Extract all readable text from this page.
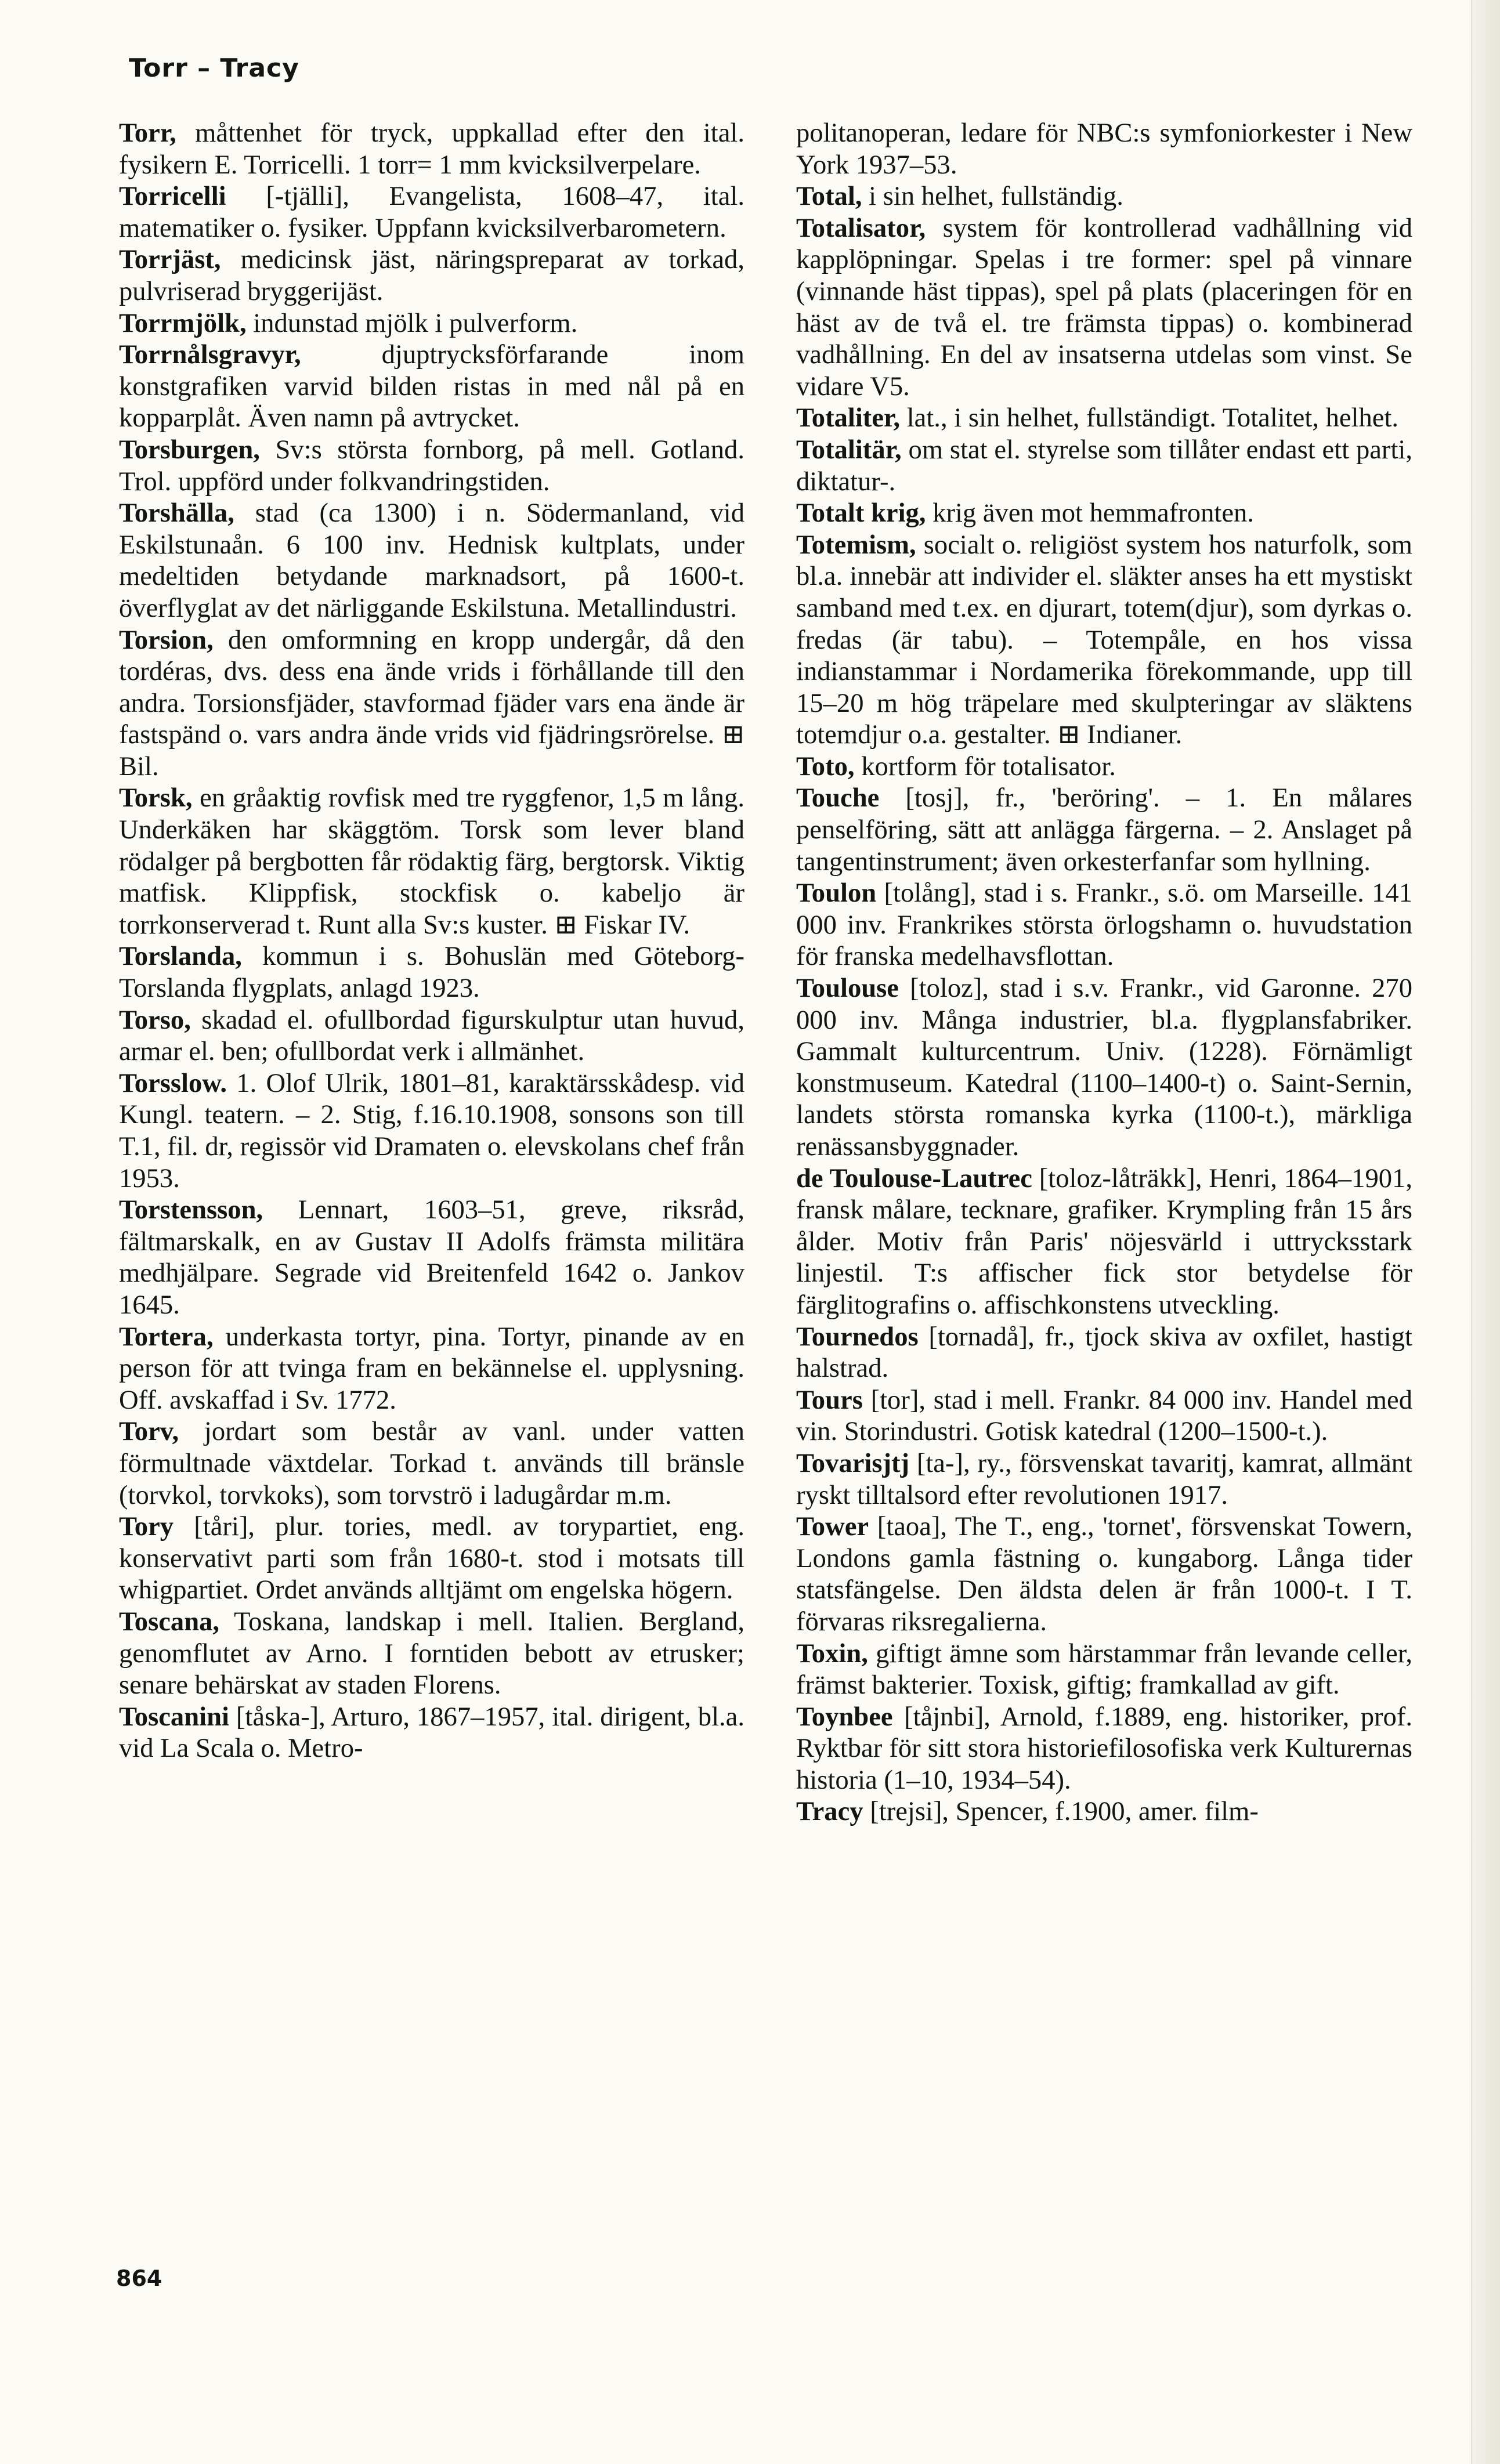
Torr – Tracy

Torr, måttenhet för tryck, uppkallad efter den ital. fysikern E. Torricelli. 1 torr= 1 mm kvicksilverpelare.

Torricelli [-tjälli], Evangelista, 1608–47, ital. matematiker o. fysiker. Uppfann kvicksilverbarometern.

Torrjäst, medicinsk jäst, näringspreparat av torkad, pulvriserad bryggerijäst.

Torrmjölk, indunstad mjölk i pulverform.

Torrnålsgravyr,	djuptrycksförfarande inom konstgrafiken varvid bilden ristas in med nål på en kopparplåt. Även namn på avtrycket.

Torsburgen, Sv:s största fornborg, på mell. Gotland. Trol. uppförd under folkvandringstiden.

Torshälla, stad (ca 1300) i n. Södermanland, vid Eskilstunaån. 6 100 inv. Hednisk kultplats, under medeltiden betydande marknadsort, på 1600-t. överflyglat av det närliggande Eskilstuna. Metallindustri.

Torsion, den omformning en kropp undergår, då den tordéras, dvs. dess ena ände vrids i förhållande till den andra. Torsionsfjäder, stavformad fjäder vars ena ände är fastspänd o. vars andra ände vrids vid fjädringsrörelse. ⊞ Bil.

Torsk, en gråaktig rovfisk med tre ryggfenor, 1,5 m lång. Underkäken har skäggtöm. Torsk som lever bland rödalger på bergbotten får rödaktig färg, bergtorsk. Viktig matfisk. Klippfisk, stockfisk o. kabeljo är torrkonserverad t. Runt alla Sv:s kuster. ⊞ Fiskar IV.

Torslanda, kommun i s. Bohuslän med Göteborg-Torslanda flygplats, anlagd 1923.

Torso, skadad el. ofullbordad figurskulptur utan huvud, armar el. ben; ofullbordat verk i allmänhet.

Torsslow. 1. Olof Ulrik, 1801–81, karaktärsskådesp. vid Kungl. teatern. – 2. Stig, f.16.10.1908, sonsons son till T.1, fil. dr, regissör vid Dramaten o. elevskolans chef från 1953.

Torstensson, Lennart, 1603–51, greve, riksråd, fältmarskalk, en av Gustav II Adolfs främsta militära medhjälpare. Segrade vid Breitenfeld 1642 o. Jankov 1645.

Tortera, underkasta tortyr, pina. Tortyr, pinande av en person för att tvinga fram en bekännelse el. upplysning. Off. avskaffad i Sv. 1772.

Torv, jordart som består av vanl. under vatten förmultnade växtdelar. Torkad t. används till bränsle (torvkol, torvkoks), som torvströ i ladugårdar m.m.

Tory [tåri], plur. tories, medl. av toryparti​et, eng. konservativt parti som från 1680-t. stod i motsats till whigpartiet. Ordet används alltjämt om engelska högern.

Toscana, Toskana, landskap i mell. Italien. Bergland, genomflutet av Arno. I forntiden bebott av etrusker; senare behärskat av staden Florens.

Toscanini [tåska-], Arturo, 1867–1957, ital. dirigent, bl.a. vid La Scala o. Metro-

politanoperan, ledare för NBC:s symfoniorkester i New York 1937–53.

Total, i sin helhet, fullständig.

Totalisator, system för kontrollerad vadhållning vid kapplöpningar. Spelas i tre former: spel på vinnare (vinnande häst tippas), spel på plats (placeringen för en häst av de två el. tre främsta tippas) o. kombinerad vadhållning. En del av insatserna utdelas som vinst. Se vidare V5.

Totaliter, lat., i sin helhet, fullständigt. Totalitet, helhet.

Totalitär, om stat el. styrelse som tillåter endast ett parti, diktatur-.

Totalt krig, krig även mot hemmafronten.

Totemism, socialt o. religiöst system hos naturfolk, som bl.a. innebär att individer el. släkter anses ha ett mystiskt samband med t.ex. en djurart, totem(djur), som dyrkas o. fredas (är tabu). – Totempåle, en hos vissa indianstammar i Nordamerika förekommande, upp till 15–20 m hög träpelare med skulpteringar av släktens totemdjur o.a. gestalter. ⊞ Indianer.

Toto, kortform för totalisator.

Touche [tosj], fr., 'beröring'. – 1. En målares penselföring, sätt att anlägga färgerna. – 2. Anslaget på tangentinstrument; även orkesterfanfar som hyllning.

Toulon [tolång], stad i s. Frankr., s.ö. om Marseille. 141 000 inv. Frankrikes största örlogshamn o. huvudstation för franska medelhavsflottan.

Toulouse [toloz], stad i s.v. Frankr., vid Garonne. 270 000 inv. Många industrier, bl.a. flygplansfabriker. Gammalt kulturcentrum. Univ. (1228). Förnämligt konstmuseum. Katedral (1100–1400-t) o. Saint-Sernin, landets största romanska kyrka (1100-t.), märkliga renässansbyggnader.

de Toulouse-Lautrec [toloz-låträkk], Henri, 1864–1901, fransk målare, tecknare, grafiker. Krympling från 15 års ålder. Motiv från Paris' nöjesvärld i uttrycksstark linjestil. T:s affischer fick stor betydelse för färglitografins o. affischkonstens utveckling.

Tournedos [tornadå], fr., tjock skiva av oxfilet, hastigt halstrad.

Tours [tor], stad i mell. Frankr. 84 000 inv. Handel med vin. Storindustri. Gotisk katedral (1200–1500-t.).

Tovarisjtj [ta-], ry., försvenskat tavaritj, kamrat, allmänt ryskt tilltalsord efter revolutionen 1917.

Tower [taoa], The T., eng., 'tornet', försvenskat Towern, Londons gamla fästning o. kungaborg. Långa tider statsfängelse. Den äldsta delen är från 1000-t. I T. förvaras riksregalierna.

Toxin, giftigt ämne som härstammar från levande celler, främst bakterier. Toxisk, giftig; framkallad av gift.

Toynbee [tåjnbi], Arnold, f.1889, eng. historiker, prof. Ryktbar för sitt stora historiefilosofiska verk Kulturernas historia (1–10, 1934–54).

Tracy [trejsi], Spencer, f.1900, amer. film-

864
